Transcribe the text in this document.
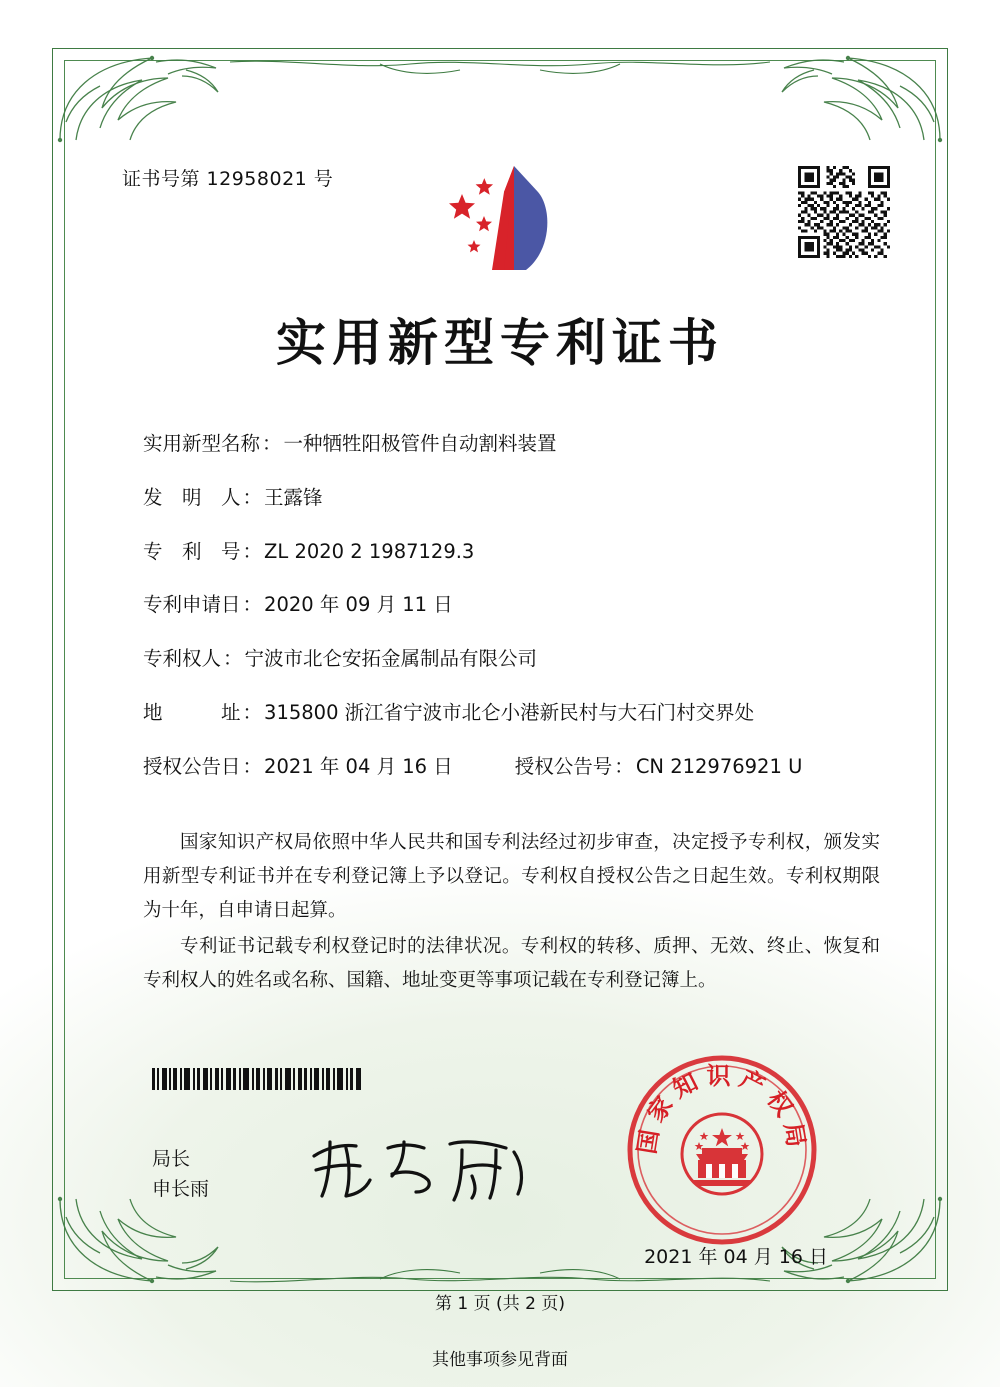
证书号第 12958021 号
实用新型专利证书
实用新型名称 ： 一种牺牲阳极管件自动割料装置
发　明　人 ： 王露锋
专　利　号 ： ZL 2020 2 1987129.3
专利申请日 ： 2020 年 09 月 11 日
专利权人 ： 宁波市北仑安拓金属制品有限公司
地　　　址 ： 315800 浙江省宁波市北仑小港新民村与大石门村交界处
授权公告日 ： 2021 年 04 月 16 日	授权公告号 ： CN 212976921 U

国家知识产权局依照中华人民共和国专利法经过初步审查，决定授予专利权，颁发实用新型专利证书并在专利登记簿上予以登记。专利权自授权公告之日起生效。专利权期限为十年，自申请日起算。

专利证书记载专利权登记时的法律状况。专利权的转移、质押、无效、终止、恢复和专利权人的姓名或名称、国籍、地址变更等事项记载在专利登记簿上。

局长
申长雨
国家知识产权局
2021 年 04 月 16 日
第 1 页 (共 2 页)
其他事项参见背面
